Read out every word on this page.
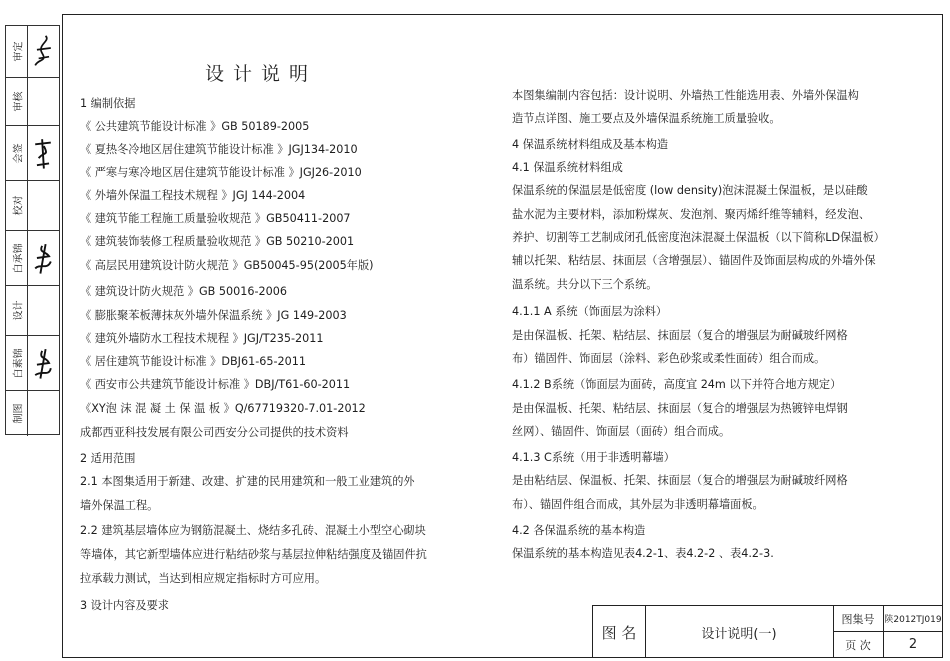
审定
审核
会签
校对
白承锦
设计
白素锦
制图
设计说明
1 编制依据
《 公共建筑节能设计标准 》GB 50189-2005
《 夏热冬冷地区居住建筑节能设计标准 》JGJ134-2010
《 严寒与寒冷地区居住建筑节能设计标准 》JGJ26-2010
《 外墙外保温工程技术规程 》JGJ 144-2004
《 建筑节能工程施工质量验收规范 》GB50411-2007
《 建筑装饰装修工程质量验收规范 》GB 50210-2001
《 高层民用建筑设计防火规范 》GB50045-95(2005年版)
《 建筑设计防火规范 》GB 50016-2006
《 膨胀聚苯板薄抹灰外墙外保温系统 》JG 149-2003
《 建筑外墙防水工程技术规程 》JGJ/T235-2011
《 居住建筑节能设计标准 》DBJ61-65-2011
《 西安市公共建筑节能设计标准 》DBJ/T61-60-2011
《XY泡 沫 混 凝 土 保 温 板 》Q/67719320-7.01-2012
成都西亚科技发展有限公司西安分公司提供的技术资料
2 适用范围
2.1 本图集适用于新建、改建、扩建的民用建筑和一般工业建筑的外
墙外保温工程。
2.2 建筑基层墙体应为钢筋混凝土、烧结多孔砖、混凝土小型空心砌块
等墙体，其它新型墙体应进行粘结砂浆与基层拉伸粘结强度及锚固件抗
拉承载力测试，当达到相应规定指标时方可应用。
3 设计内容及要求
本图集编制内容包括：设计说明、外墙热工性能选用表、外墙外保温构
造节点详图、施工要点及外墙保温系统施工质量验收。
4 保温系统材料组成及基本构造
4.1 保温系统材料组成
保温系统的保温层是低密度 (low density)泡沫混凝土保温板，是以硅酸
盐水泥为主要材料，添加粉煤灰、发泡剂、聚丙烯纤维等辅料，经发泡、
养护、切割等工艺制成闭孔低密度泡沫混凝土保温板（以下简称LD保温板）
辅以托架、粘结层、抹面层（含增强层）、锚固件及饰面层构成的外墙外保
温系统。共分以下三个系统。
4.1.1 A 系统（饰面层为涂料）
是由保温板、托架、粘结层、抹面层（复合的增强层为耐碱玻纤网格
布）锚固件、饰面层（涂料、彩色砂浆或柔性面砖）组合而成。
4.1.2 B系统（饰面层为面砖，高度宜 24m 以下并符合地方规定）
是由保温板、托架、粘结层、抹面层（复合的增强层为热镀锌电焊钢
丝网）、锚固件、饰面层（面砖）组合而成。
4.1.3 C系统（用于非透明幕墙）
是由粘结层、保温板、托架、抹面层（复合的增强层为耐碱玻纤网格
布）、锚固件组合而成，其外层为非透明幕墙面板。
4.2 各保温系统的基本构造
保温系统的基本构造见表4.2-1、表4.2-2 、表4.2-3.
图 名	设计说明(一)
图集号	陕2012TJ019
页 次	2
